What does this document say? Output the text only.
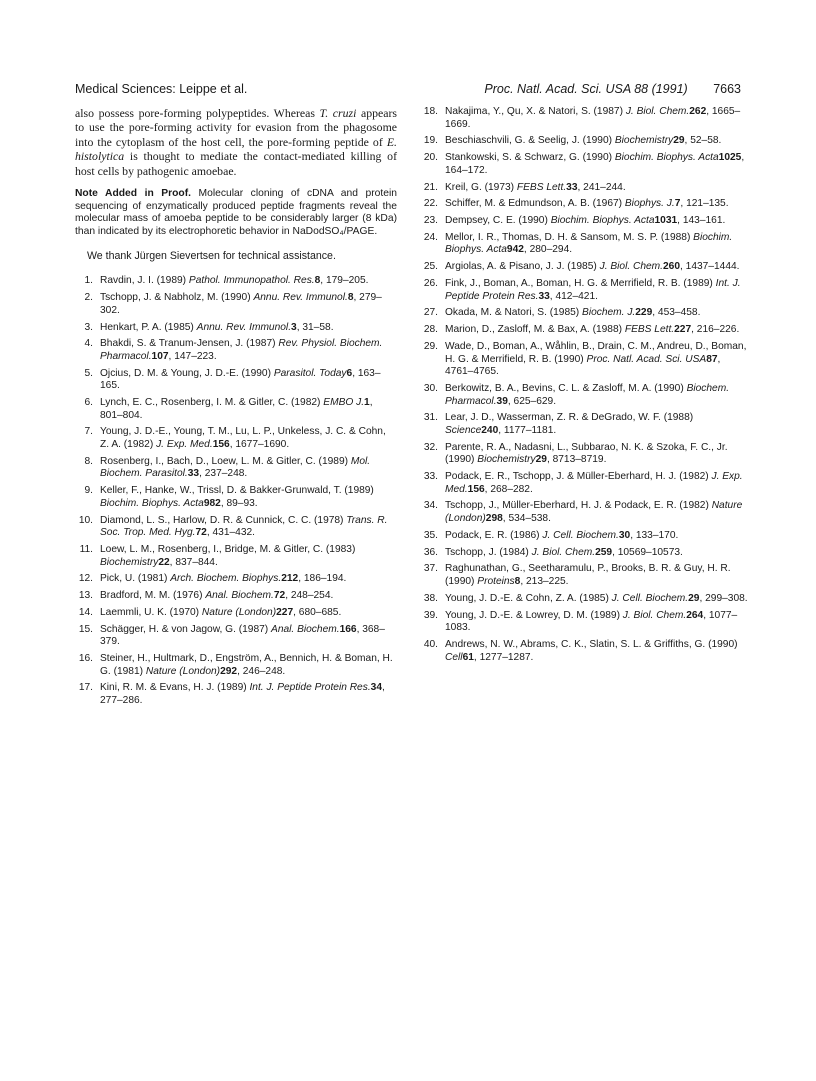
Medical Sciences: Leippe et al.	Proc. Natl. Acad. Sci. USA 88 (1991) 7663

also possess pore-forming polypeptides. Whereas T. cruzi appears to use the pore-forming activity for evasion from the phagosome into the cytoplasm of the host cell, the pore-forming peptide of E. histolytica is thought to mediate the contact-mediated killing of host cells by pathogenic amoebae.

Note Added in Proof. Molecular cloning of cDNA and protein sequencing of enzymatically produced peptide fragments reveal the molecular mass of amoeba peptide to be considerably larger (8 kDa) than indicated by its electrophoretic behavior in NaDodSO₄/PAGE.

We thank Jürgen Sievertsen for technical assistance.

1. Ravdin, J. I. (1989) Pathol. Immunopathol. Res.8, 179–205.
2. Tschopp, J. & Nabholz, M. (1990) Annu. Rev. Immunol.8, 279–302.
3. Henkart, P. A. (1985) Annu. Rev. Immunol.3, 31–58.
4. Bhakdi, S. & Tranum-Jensen, J. (1987) Rev. Physiol. Biochem. Pharmacol.107, 147–223.
5. Ojcius, D. M. & Young, J. D.-E. (1990) Parasitol. Today6, 163–165.
6. Lynch, E. C., Rosenberg, I. M. & Gitler, C. (1982) EMBO J.1, 801–804.
7. Young, J. D.-E., Young, T. M., Lu, L. P., Unkeless, J. C. & Cohn, Z. A. (1982) J. Exp. Med.156, 1677–1690.
8. Rosenberg, I., Bach, D., Loew, L. M. & Gitler, C. (1989) Mol. Biochem. Parasitol.33, 237–248.
9. Keller, F., Hanke, W., Trissl, D. & Bakker-Grunwald, T. (1989) Biochim. Biophys. Acta982, 89–93.
10. Diamond, L. S., Harlow, D. R. & Cunnick, C. C. (1978) Trans. R. Soc. Trop. Med. Hyg.72, 431–432.
11. Loew, L. M., Rosenberg, I., Bridge, M. & Gitler, C. (1983) Biochemistry22, 837–844.
12. Pick, U. (1981) Arch. Biochem. Biophys.212, 186–194.
13. Bradford, M. M. (1976) Anal. Biochem.72, 248–254.
14. Laemmli, U. K. (1970) Nature (London)227, 680–685.
15. Schägger, H. & von Jagow, G. (1987) Anal. Biochem.166, 368–379.
16. Steiner, H., Hultmark, D., Engström, A., Bennich, H. & Boman, H. G. (1981) Nature (London)292, 246–248.
17. Kini, R. M. & Evans, H. J. (1989) Int. J. Peptide Protein Res.34, 277–286.
18. Nakajima, Y., Qu, X. & Natori, S. (1987) J. Biol. Chem.262, 1665–1669.
19. Beschiaschvili, G. & Seelig, J. (1990) Biochemistry29, 52–58.
20. Stankowski, S. & Schwarz, G. (1990) Biochim. Biophys. Acta1025, 164–172.
21. Kreil, G. (1973) FEBS Lett.33, 241–244.
22. Schiffer, M. & Edmundson, A. B. (1967) Biophys. J.7, 121–135.
23. Dempsey, C. E. (1990) Biochim. Biophys. Acta1031, 143–161.
24. Mellor, I. R., Thomas, D. H. & Sansom, M. S. P. (1988) Biochim. Biophys. Acta942, 280–294.
25. Argiolas, A. & Pisano, J. J. (1985) J. Biol. Chem.260, 1437–1444.
26. Fink, J., Boman, A., Boman, H. G. & Merrifield, R. B. (1989) Int. J. Peptide Protein Res.33, 412–421.
27. Okada, M. & Natori, S. (1985) Biochem. J.229, 453–458.
28. Marion, D., Zasloff, M. & Bax, A. (1988) FEBS Lett.227, 216–226.
29. Wade, D., Boman, A., Wåhlin, B., Drain, C. M., Andreu, D., Boman, H. G. & Merrifield, R. B. (1990) Proc. Natl. Acad. Sci. USA87, 4761–4765.
30. Berkowitz, B. A., Bevins, C. L. & Zasloff, M. A. (1990) Biochem. Pharmacol.39, 625–629.
31. Lear, J. D., Wasserman, Z. R. & DeGrado, W. F. (1988) Science240, 1177–1181.
32. Parente, R. A., Nadasni, L., Subbarao, N. K. & Szoka, F. C., Jr. (1990) Biochemistry29, 8713–8719.
33. Podack, E. R., Tschopp, J. & Müller-Eberhard, H. J. (1982) J. Exp. Med.156, 268–282.
34. Tschopp, J., Müller-Eberhard, H. J. & Podack, E. R. (1982) Nature (London)298, 534–538.
35. Podack, E. R. (1986) J. Cell. Biochem.30, 133–170.
36. Tschopp, J. (1984) J. Biol. Chem.259, 10569–10573.
37. Raghunathan, G., Seetharamulu, P., Brooks, B. R. & Guy, H. R. (1990) Proteins8, 213–225.
38. Young, J. D.-E. & Cohn, Z. A. (1985) J. Cell. Biochem.29, 299–308.
39. Young, J. D.-E. & Lowrey, D. M. (1989) J. Biol. Chem.264, 1077–1083.
40. Andrews, N. W., Abrams, C. K., Slatin, S. L. & Griffiths, G. (1990) Cell61, 1277–1287.
